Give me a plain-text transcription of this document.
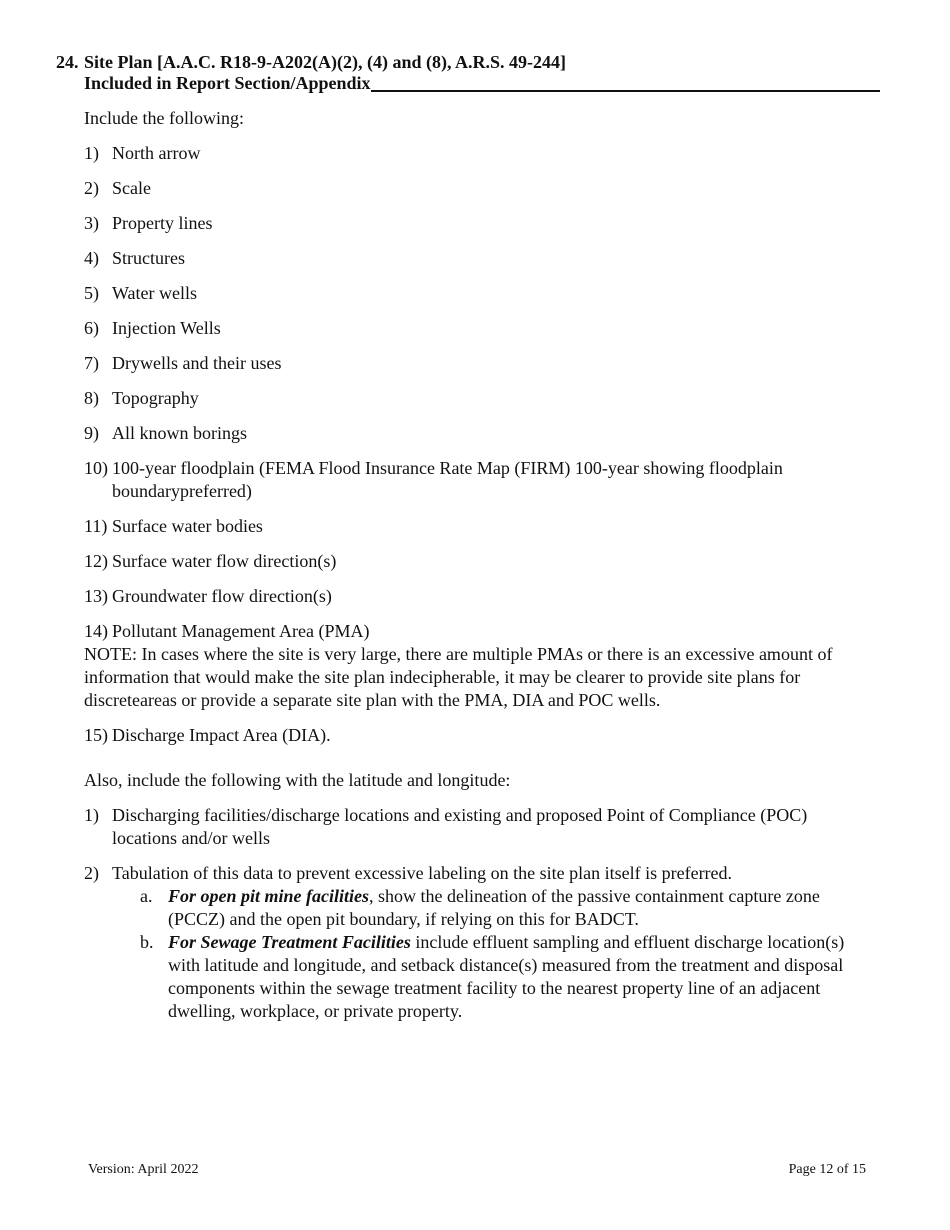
24. Site Plan [A.A.C. R18-9-A202(A)(2), (4) and (8), A.R.S. 49-244]
Included in Report Section/Appendix

Include the following:

1) North arrow
2) Scale
3) Property lines
4) Structures
5) Water wells
6) Injection Wells
7) Drywells and their uses
8) Topography
9) All known borings
10) 100-year floodplain (FEMA Flood Insurance Rate Map (FIRM) 100-year showing floodplain boundarypreferred)
11) Surface water bodies
12) Surface water flow direction(s)
13) Groundwater flow direction(s)
14) Pollutant Management Area (PMA)

NOTE: In cases where the site is very large, there are multiple PMAs or there is an excessive amount of information that would make the site plan indecipherable, it may be clearer to provide site plans for discreteareas or provide a separate site plan with the PMA, DIA and POC wells.

15) Discharge Impact Area (DIA).

Also, include the following with the latitude and longitude:

1) Discharging facilities/discharge locations and existing and proposed Point of Compliance (POC) locations and/or wells
2) Tabulation of this data to prevent excessive labeling on the site plan itself is preferred.
a. For open pit mine facilities, show the delineation of the passive containment capture zone (PCCZ) and the open pit boundary, if relying on this for BADCT.
b. For Sewage Treatment Facilities include effluent sampling and effluent discharge location(s) with latitude and longitude, and setback distance(s) measured from the treatment and disposal components within the sewage treatment facility to the nearest property line of an adjacent dwelling, workplace, or private property.
Version: April 2022	Page 12 of 15
